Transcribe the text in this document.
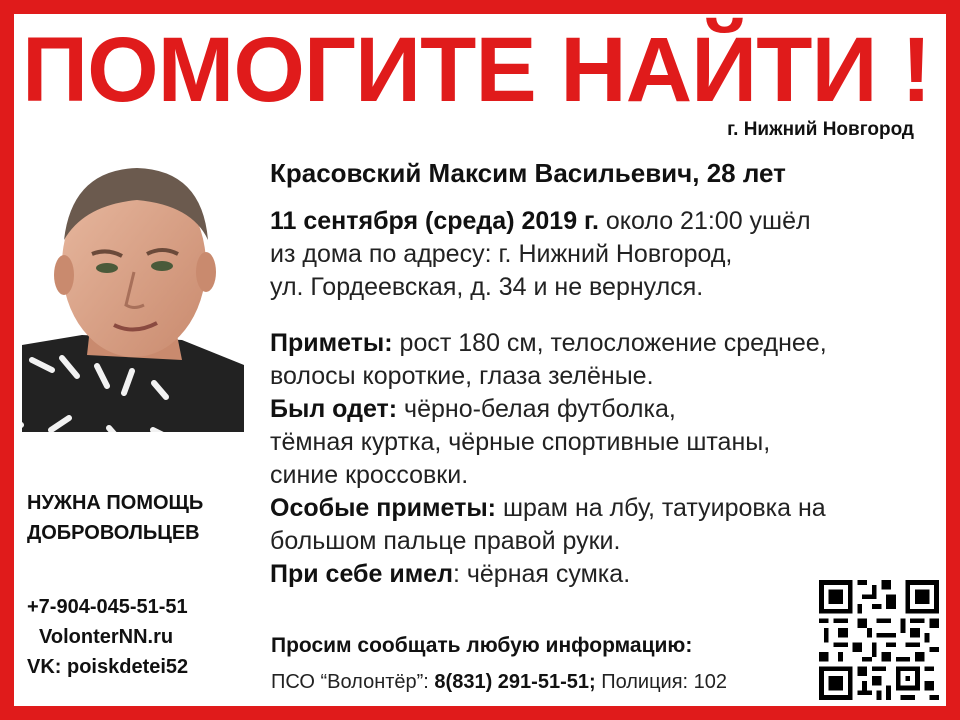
ПОМОГИТЕ НАЙТИ !
г. Нижний Новгород
НУЖНА ПОМОЩЬ
ДОБРОВОЛЬЦЕВ
+7-904-045-51-51
VolonterNN.ru
VK: poiskdetei52
Красовский Максим Васильевич, 28 лет

11 сентября (среда) 2019 г. около 21:00 ушёл

из дома по адресу: г. Нижний Новгород,

ул. Гордеевская, д. 34 и не вернулся.

Приметы: рост 180 см, телосложение среднее,

волосы короткие, глаза зелёные.

Был одет: чёрно-белая футболка,

тёмная куртка, чёрные спортивные штаны,

синие кроссовки.

Особые приметы: шрам на лбу, татуировка на

большом пальце правой руки.

При себе имел: чёрная сумка.

Просим сообщать любую информацию:
ПСО “Волонтёр”: 8(831) 291-51-51; Полиция: 102
